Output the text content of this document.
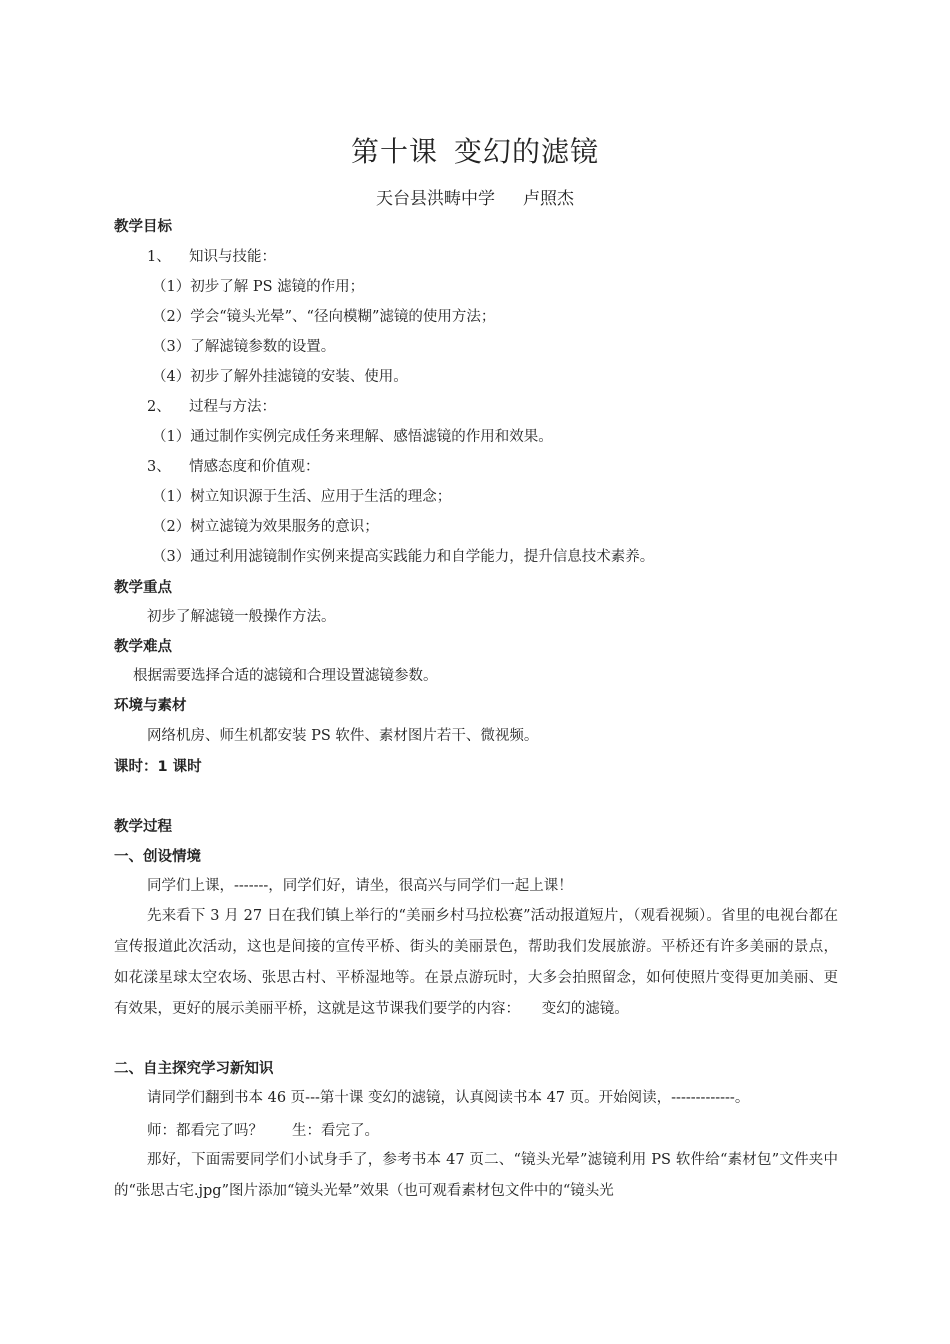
第十课 变幻的滤镜
天台县洪畴中学 卢照杰
教学目标
1、 知识与技能：
（1）初步了解 PS 滤镜的作用；
（2）学会“镜头光晕”、“径向模糊”滤镜的使用方法；
（3）了解滤镜参数的设置。
（4）初步了解外挂滤镜的安装、使用。
2、 过程与方法：
（1）通过制作实例完成任务来理解、感悟滤镜的作用和效果。
3、 情感态度和价值观：
（1）树立知识源于生活、应用于生活的理念；
（2）树立滤镜为效果服务的意识；
（3）通过利用滤镜制作实例来提高实践能力和自学能力，提升信息技术素养。
教学重点
初步了解滤镜一般操作方法。
教学难点
根据需要选择合适的滤镜和合理设置滤镜参数。
环境与素材
网络机房、师生机都安装 PS 软件、素材图片若干、微视频。
课时：1 课时
教学过程
一、创设情境
同学们上课，-------，同学们好，请坐，很高兴与同学们一起上课！
先来看下 3 月 27 日在我们镇上举行的“美丽乡村马拉松赛”活动报道短片，（观看视频）。省里的电视台都在宣传报道此次活动，这也是间接的宣传平桥、街头的美丽景色，帮助我们发展旅游。平桥还有许多美丽的景点，如花漾星球太空农场、张思古村、平桥湿地等。在景点游玩时，大多会拍照留念，如何使照片变得更加美丽、更有效果，更好的展示美丽平桥，这就是这节课我们要学的内容：　　变幻的滤镜。
二、自主探究学习新知识
请同学们翻到书本 46 页---第十课 变幻的滤镜，认真阅读书本 47 页。开始阅读，-------------。
师：都看完了吗？　　生：看完了。
那好，下面需要同学们小试身手了，参考书本 47 页二、“镜头光晕”滤镜利用 PS 软件给“素材包”文件夹中的“张思古宅.jpg”图片添加“镜头光晕”效果（也可观看素材包文件中的“镜头光
